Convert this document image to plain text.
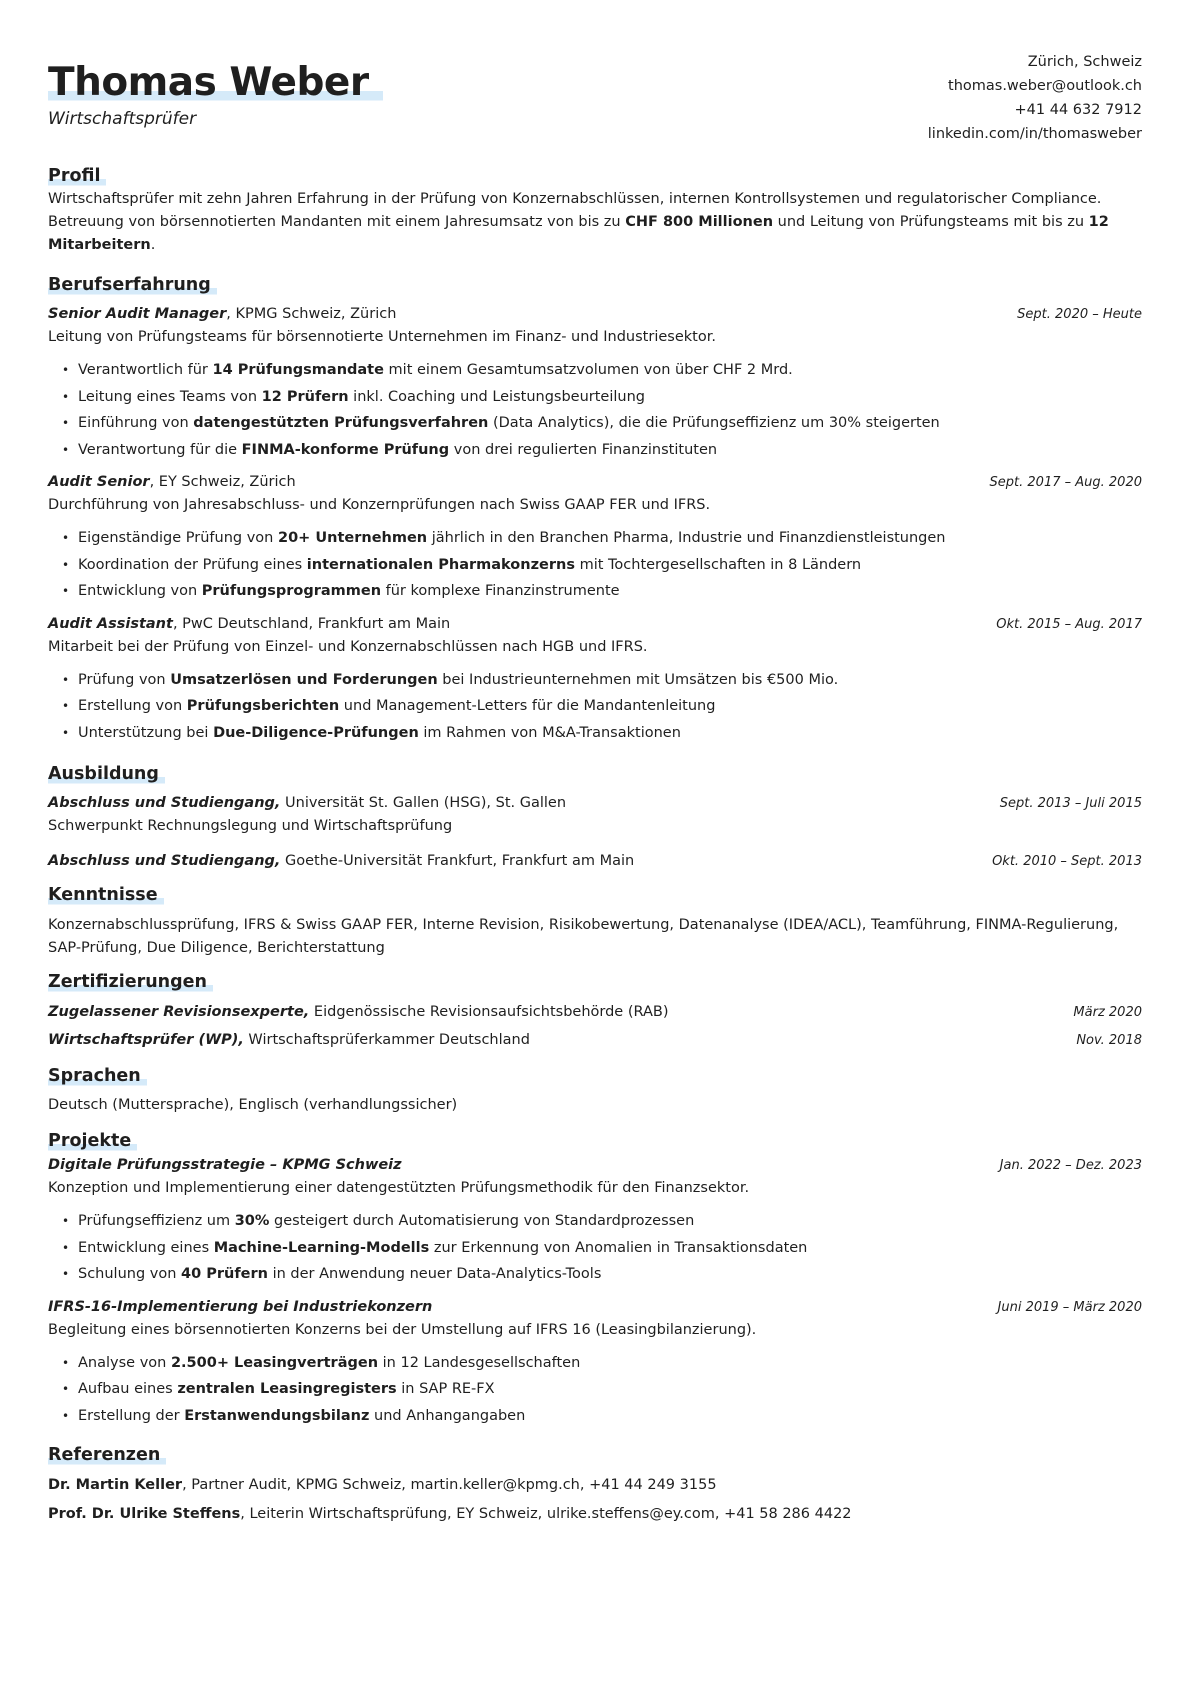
Thomas Weber
Wirtschaftsprüfer
Zürich, Schweiz
thomas.weber@outlook.ch
+41 44 632 7912
linkedin.com/in/thomasweber
Profil

Wirtschaftsprüfer mit zehn Jahren Erfahrung in der Prüfung von Konzernabschlüssen, internen Kontrollsystemen und regulatorischer Compliance. Betreuung von börsennotierten Mandanten mit einem Jahresumsatz von bis zu CHF 800 Millionen und Leitung von Prüfungsteams mit bis zu 12 Mitarbeitern.

Berufserfahrung
Senior Audit Manager, KPMG Schweiz, Zürich	Sept. 2020 – Heute

Leitung von Prüfungsteams für börsennotierte Unternehmen im Finanz- und Industriesektor.

• Verantwortlich für 14 Prüfungsmandate mit einem Gesamtumsatzvolumen von über CHF 2 Mrd.
• Leitung eines Teams von 12 Prüfern inkl. Coaching und Leistungsbeurteilung
• Einführung von datengestützten Prüfungsverfahren (Data Analytics), die die Prüfungseffizienz um 30% steigerten
• Verantwortung für die FINMA-konforme Prüfung von drei regulierten Finanzinstituten
Audit Senior, EY Schweiz, Zürich	Sept. 2017 – Aug. 2020

Durchführung von Jahresabschluss- und Konzernprüfungen nach Swiss GAAP FER und IFRS.

• Eigenständige Prüfung von 20+ Unternehmen jährlich in den Branchen Pharma, Industrie und Finanzdienstleistungen
• Koordination der Prüfung eines internationalen Pharmakonzerns mit Tochtergesellschaften in 8 Ländern
• Entwicklung von Prüfungsprogrammen für komplexe Finanzinstrumente
Audit Assistant, PwC Deutschland, Frankfurt am Main	Okt. 2015 – Aug. 2017

Mitarbeit bei der Prüfung von Einzel- und Konzernabschlüssen nach HGB und IFRS.

• Prüfung von Umsatzerlösen und Forderungen bei Industrieunternehmen mit Umsätzen bis €500 Mio.
• Erstellung von Prüfungsberichten und Management-Letters für die Mandantenleitung
• Unterstützung bei Due-Diligence-Prüfungen im Rahmen von M&A-Transaktionen
Ausbildung
Abschluss und Studiengang, Universität St. Gallen (HSG), St. Gallen	Sept. 2013 – Juli 2015

Schwerpunkt Rechnungslegung und Wirtschaftsprüfung

Abschluss und Studiengang, Goethe-Universität Frankfurt, Frankfurt am Main	Okt. 2010 – Sept. 2013
Kenntnisse

Konzernabschlussprüfung, IFRS & Swiss GAAP FER, Interne Revision, Risikobewertung, Datenanalyse (IDEA/ACL), Teamführung, FINMA-Regulierung, SAP-Prüfung, Due Diligence, Berichterstattung

Zertifizierungen
Zugelassener Revisionsexperte, Eidgenössische Revisionsaufsichtsbehörde (RAB)	März 2020
Wirtschaftsprüfer (WP), Wirtschaftsprüferkammer Deutschland	Nov. 2018
Sprachen

Deutsch (Muttersprache), Englisch (verhandlungssicher)

Projekte
Digitale Prüfungsstrategie – KPMG Schweiz	Jan. 2022 – Dez. 2023

Konzeption und Implementierung einer datengestützten Prüfungsmethodik für den Finanzsektor.

• Prüfungseffizienz um 30% gesteigert durch Automatisierung von Standardprozessen
• Entwicklung eines Machine-Learning-Modells zur Erkennung von Anomalien in Transaktionsdaten
• Schulung von 40 Prüfern in der Anwendung neuer Data-Analytics-Tools
IFRS-16-Implementierung bei Industriekonzern	Juni 2019 – März 2020

Begleitung eines börsennotierten Konzerns bei der Umstellung auf IFRS 16 (Leasingbilanzierung).

• Analyse von 2.500+ Leasingverträgen in 12 Landesgesellschaften
• Aufbau eines zentralen Leasingregisters in SAP RE-FX
• Erstellung der Erstanwendungsbilanz und Anhangangaben
Referenzen

Dr. Martin Keller, Partner Audit, KPMG Schweiz, martin.keller@kpmg.ch, +41 44 249 3155

Prof. Dr. Ulrike Steffens, Leiterin Wirtschaftsprüfung, EY Schweiz, ulrike.steffens@ey.com, +41 58 286 4422
